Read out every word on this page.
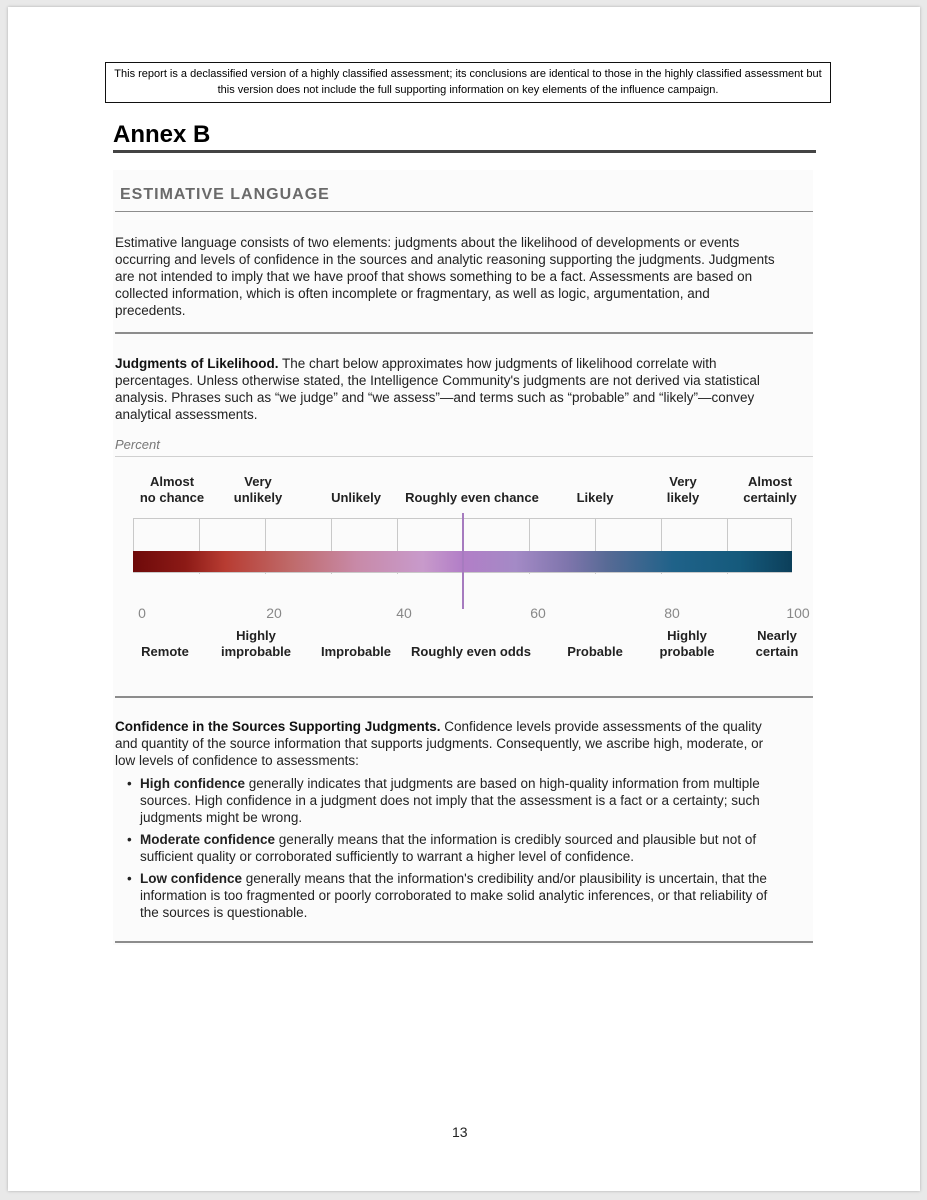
This report is a declassified version of a highly classified assessment; its conclusions are identical to those in the highly classified assessment but this version does not include the full supporting information on key elements of the influence campaign.
Annex B
ESTIMATIVE LANGUAGE
Estimative language consists of two elements: judgments about the likelihood of developments or events occurring and levels of confidence in the sources and analytic reasoning supporting the judgments. Judgments are not intended to imply that we have proof that shows something to be a fact. Assessments are based on collected information, which is often incomplete or fragmentary, as well as logic, argumentation, and precedents.
Judgments of Likelihood. The chart below approximates how judgments of likelihood correlate with percentages. Unless otherwise stated, the Intelligence Community's judgments are not derived via statistical analysis. Phrases such as “we judge” and “we assess”—and terms such as “probable” and “likely”—convey analytical assessments.
Percent
Almost
no chance
Very
unlikely	Unlikely Roughly even chance	Likely
Very
likely
Almost
certainly
0	20	40	60	80	100
Remote
Highly
improbable Improbable Roughly even odds	Probable
Highly
probable
Nearly
certain
Confidence in the Sources Supporting Judgments. Confidence levels provide assessments of the quality and quantity of the source information that supports judgments. Consequently, we ascribe high, moderate, or low levels of confidence to assessments:
• High confidence generally indicates that judgments are based on high-quality information from multiple sources. High confidence in a judgment does not imply that the assessment is a fact or a certainty; such judgments might be wrong.
• Moderate confidence generally means that the information is credibly sourced and plausible but not of sufficient quality or corroborated sufficiently to warrant a higher level of confidence.
• Low confidence generally means that the information's credibility and/or plausibility is uncertain, that the information is too fragmented or poorly corroborated to make solid analytic inferences, or that reliability of the sources is questionable.
13
